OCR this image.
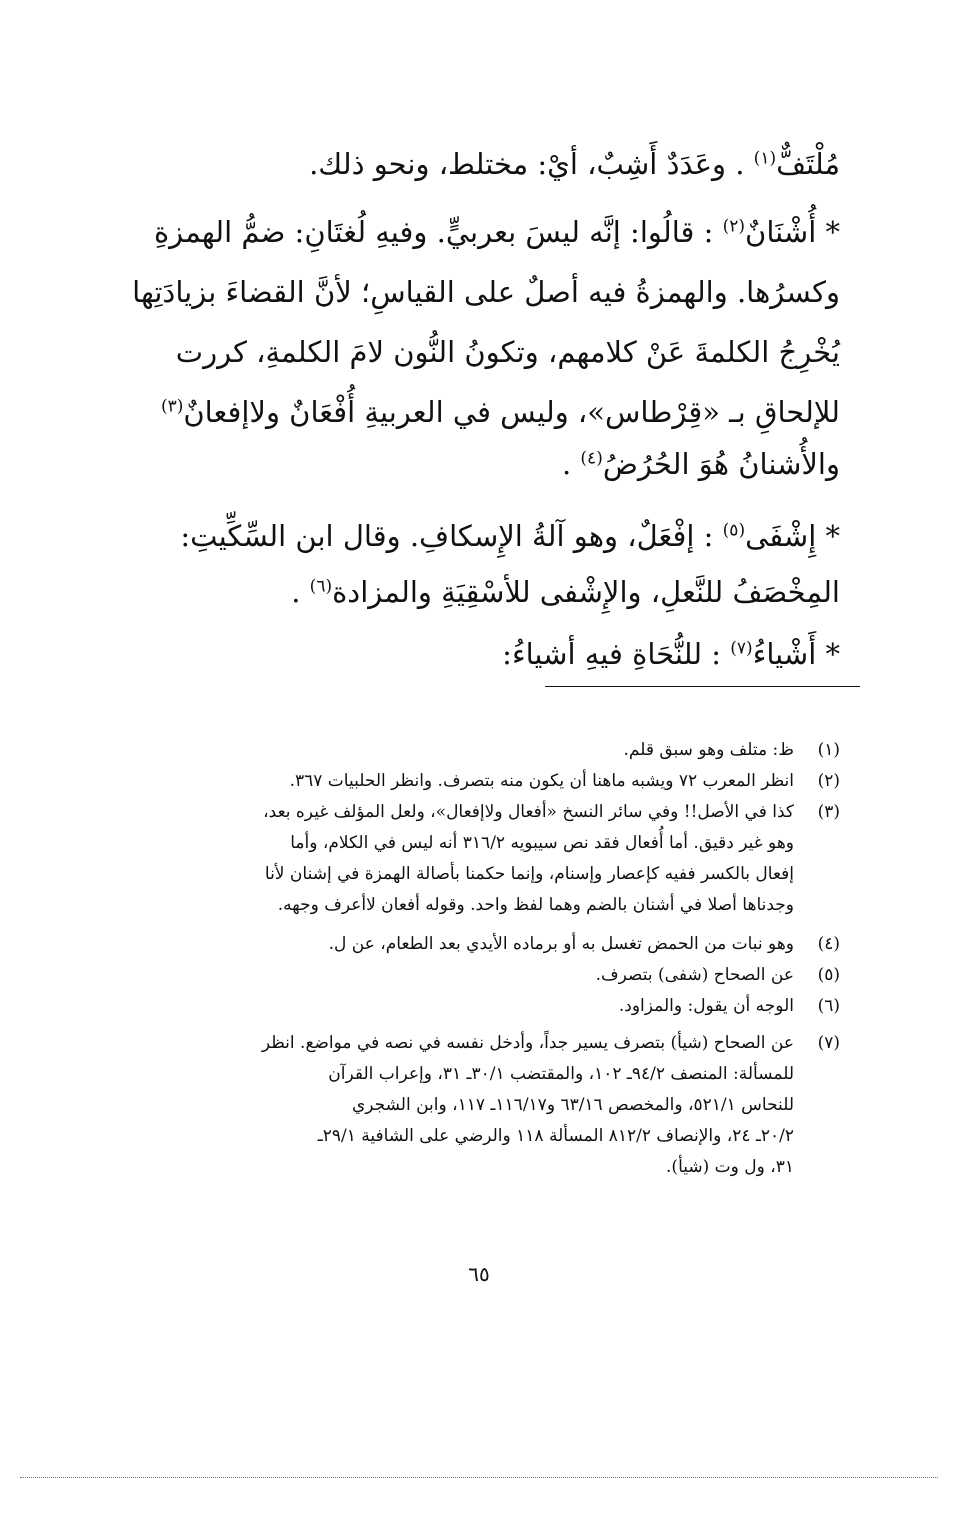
مُلْتَفٌّ$^{(١)}$ . وعَدَدٌ أَشِبٌ، أيْ: مختلط، ونحو ذلك.
* أُشْنَانٌ$^{(٢)}$ : قالُوا: إنَّه ليسَ بعربيٍّ. وفيهِ لُغتَانِ: ضمُّ الهمزةِ
وكسرُها. والهمزةُ فيه أصلٌ على القياسِ؛ لأنَّ القضاءَ بزيادَتِها
يُخْرِجُ الكلمةَ عَنْ كلامهم، وتكونُ النُّون لامَ الكلمةِ، كررت
للإلحاقِ بـ «قِرْطاس»، وليس في العربيةِ أُفْعَانٌ ولاإفعانٌ$^{(٣)}$
والأُشنانُ هُوَ الحُرُضُ$^{(٤)}$ .
* إِشْفَى$^{(٥)}$ : إفْعَلٌ، وهو آلةُ الإِسكافِ. وقال ابن السِّكِّيتِ:
المِخْصَفُ للنَّعلِ، والإِشْفى للأسْقِيَةِ والمزادة$^{(٦)}$ .
* أَشْياءُ$^{(٧)}$ : للنُّحَاةِ فيهِ أشياءُ:
(١)
ظ: متلف وهو سبق قلم.
(٢)
انظر المعرب ٧٢ ويشبه ماهنا أن يكون منه بتصرف. وانظر الحلبيات ٣٦٧.
(٣)
كذا في الأصل!! وفي سائر النسخ «أفعال ولاإفعال»، ولعل المؤلف غيره بعد،
وهو غير دقيق. أما أُفعال فقد نص سيبويه ٣١٦/٢ أنه ليس في الكلام، وأما
إفعال بالكسر ففيه كإعصار وإسنام، وإنما حكمنا بأصالة الهمزة في إشنان لأنا
وجدناها أصلا في أشنان بالضم وهما لفظ واحد. وقوله أفعان لاأعرف وجهه.
(٤)
وهو نبات من الحمض تغسل به أو برماده الأيدي بعد الطعام، عن ل.
(٥)
عن الصحاح (شفى) بتصرف.
(٦)
الوجه أن يقول: والمزاود.
(٧)
عن الصحاح (شيأ) بتصرف يسير جداً، وأدخل نفسه في نصه في مواضع. انظر
للمسألة: المنصف ٩٤/٢ـ ١٠٢، والمقتضب ٣٠/١ـ ٣١، وإعراب القرآن
للنحاس ٥٢١/١، والمخصص ٦٣/١٦ و١١٦/١٧ـ ١١٧، وابن الشجري
٢٠/٢ـ ٢٤، والإنصاف ٨١٢/٢ المسألة ١١٨ والرضي على الشافية ٢٩/١ـ
٣١، ول وت (شيأ).
٦٥
